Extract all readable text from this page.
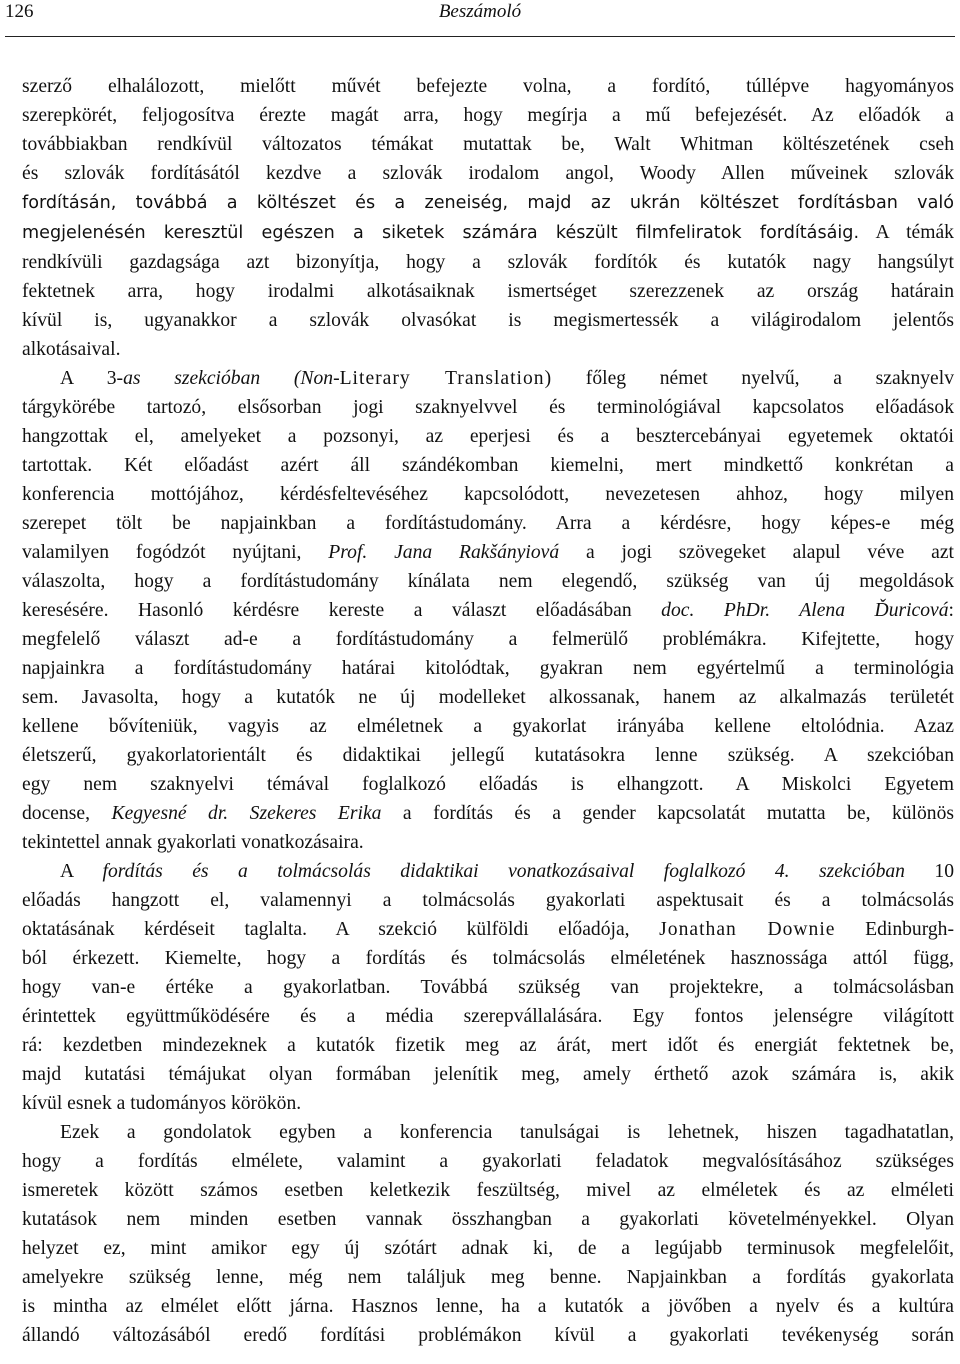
126	Beszámoló
szerző elhalálozott, mielőtt művét befejezte volna, a fordító, túllépve hagyományos
szerepkörét, feljogosítva érezte magát arra, hogy megírja a mű befejezését. Az előadók a
továbbiakban rendkívül változatos témákat mutattak be, Walt Whitman költészetének cseh
és szlovák fordításától kezdve a szlovák irodalom angol, Woody Allen műveinek szlovák
fordításán, továbbá a költészet és a zeneiség, majd az ukrán költészet fordításban való
megjelenésén keresztül egészen a siketek számára készült filmfeliratok fordításáig. A témák
rendkívüli gazdagsága azt bizonyítja, hogy a szlovák fordítók és kutatók nagy hangsúlyt
fektetnek arra, hogy irodalmi alkotásaiknak ismertséget szerezzenek az ország határain
kívül is, ugyanakkor a szlovák olvasókat is megismertessék a világirodalom jelentős
alkotásaival.
A 3-as szekcióban (Non-Literary Translation) főleg német nyelvű, a szaknyelv
tárgykörébe tartozó, elsősorban jogi szaknyelvvel és terminológiával kapcsolatos előadások
hangzottak el, amelyeket a pozsonyi, az eperjesi és a besztercebányai egyetemek oktatói
tartottak. Két előadást azért áll szándékomban kiemelni, mert mindkettő konkrétan a
konferencia mottójához, kérdésfeltevéséhez kapcsolódott, nevezetesen ahhoz, hogy milyen
szerepet tölt be napjainkban a fordítástudomány. Arra a kérdésre, hogy képes-e még
valamilyen fogódzót nyújtani, Prof. Jana Rakšányiová a jogi szövegeket alapul véve azt
válaszolta, hogy a fordítástudomány kínálata nem elegendő, szükség van új megoldások
keresésére. Hasonló kérdésre kereste a választ előadásában doc. PhDr. Alena Ďuricová:
megfelelő választ ad-e a fordítástudomány a felmerülő problémákra. Kifejtette, hogy
napjainkra a fordítástudomány határai kitolódtak, gyakran nem egyértelmű a terminológia
sem. Javasolta, hogy a kutatók ne új modelleket alkossanak, hanem az alkalmazás területét
kellene bővíteniük, vagyis az elméletnek a gyakorlat irányába kellene eltolódnia. Azaz
életszerű, gyakorlatorientált és didaktikai jellegű kutatásokra lenne szükség. A szekcióban
egy nem szaknyelvi témával foglalkozó előadás is elhangzott. A Miskolci Egyetem
docense, Kegyesné dr. Szekeres Erika a fordítás és a gender kapcsolatát mutatta be, különös
tekintettel annak gyakorlati vonatkozásaira.
A fordítás és a tolmácsolás didaktikai vonatkozásaival foglalkozó 4. szekcióban 10
előadás hangzott el, valamennyi a tolmácsolás gyakorlati aspektusait és a tolmácsolás
oktatásának kérdéseit taglalta. A szekció külföldi előadója, Jonathan Downie Edinburgh-
ból érkezett. Kiemelte, hogy a fordítás és tolmácsolás elméletének hasznossága attól függ,
hogy van-e értéke a gyakorlatban. Továbbá szükség van projektekre, a tolmácsolásban
érintettek együttműködésére és a média szerepvállalására. Egy fontos jelenségre világított
rá: kezdetben mindezeknek a kutatók fizetik meg az árát, mert időt és energiát fektetnek be,
majd kutatási témájukat olyan formában jelenítik meg, amely érthető azok számára is, akik
kívül esnek a tudományos körökön.
Ezek a gondolatok egyben a konferencia tanulságai is lehetnek, hiszen tagadhatatlan,
hogy a fordítás elmélete, valamint a gyakorlati feladatok megvalósításához szükséges
ismeretek között számos esetben keletkezik feszültség, mivel az elméletek és az elméleti
kutatások nem minden esetben vannak összhangban a gyakorlati követelményekkel. Olyan
helyzet ez, mint amikor egy új szótárt adnak ki, de a legújabb terminusok megfelelőit,
amelyekre szükség lenne, még nem találjuk meg benne. Napjainkban a fordítás gyakorlata
is mintha az elmélet előtt járna. Hasznos lenne, ha a kutatók a jövőben a nyelv és a kultúra
állandó változásából eredő fordítási problémákon kívül a gyakorlati tevékenység során
